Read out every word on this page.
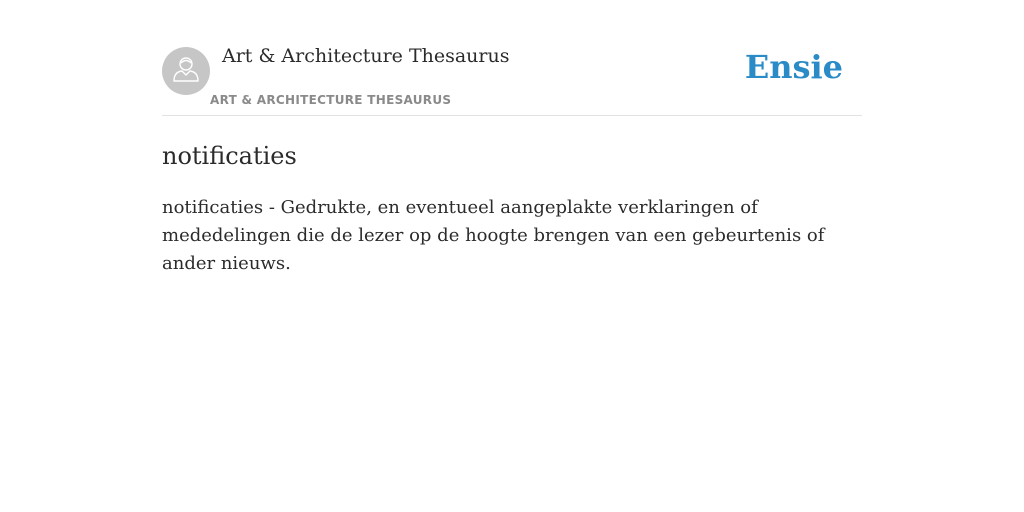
Art & Architecture Thesaurus
ART & ARCHITECTURE THESAURUS
Ensie
notificaties

notificaties - Gedrukte, en eventueel aangeplakte verklaringen of mededelingen die de lezer op de hoogte brengen van een gebeurtenis of ander nieuws.
